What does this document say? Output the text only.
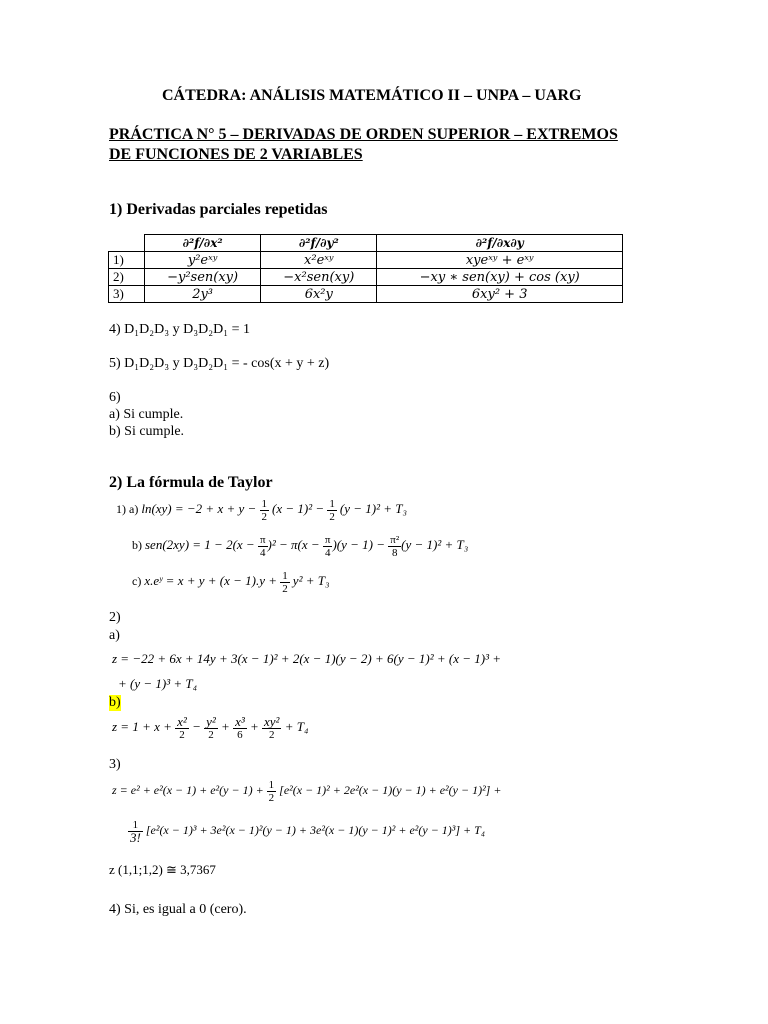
CÁTEDRA: ANÁLISIS MATEMÁTICO II – UNPA – UARG
PRÁCTICA N° 5 – DERIVADAS DE ORDEN SUPERIOR – EXTREMOS
DE FUNCIONES DE 2 VARIABLES
1) Derivadas parciales repetidas
	∂²f/∂x²	∂²f/∂y²	∂²f/∂x∂y
1)	y²eˣʸ	x²eˣʸ	xyeˣʸ + eˣʸ
2)	−y²sen(xy)	−x²sen(xy)	−xy ∗ sen(xy) + cos (xy)
3)	2y³	6x²y	6xy² + 3
4) D₁D₂D₃ y D₃D₂D₁ = 1
5) D₁D₂D₃ y D₃D₂D₁ = - cos(x + y + z)
6)
a) Si cumple.
b) Si cumple.
2) La fórmula de Taylor
1) a) $\ln(xy) = -2 + x + y - \frac{1}{2} (x - 1)^2 - \frac{1}{2} (y - 1)^2 + T_3$
b) $sen(2xy) = 1 - 2(x - \frac{\pi}{4} )^2 - \pi(x - \frac{\pi}{4} )(y - 1) - \frac{\text{π²}}{8} (y - 1)^2 + T_3$
c) x.eʸ = $x + y + (x - 1).y + \frac{1}{2} y^2 + T_3$
2)
a)
z = −22 + 6x + 14y + 3(x − 1)² + 2(x − 1)(y − 2) + 6(y − 1)² + (x − 1)³ +
+ (y − 1)³ + T₄
b)
$z = 1 + x + \frac{\text{x²}}{2} - \frac{\text{y²}}{2} + \frac{\text{x³}}{6} + \frac{\text{xy²}}{2} + T_4$
3)
$z = e^2 + e^2(x - 1) + e^2(y - 1) + \frac{1}{2} [e^2(x - 1)^2 + 2e^2(x - 1)(y - 1) + e^2(y - 1)^2]$ +
$\frac{1}{3!} [e^2(x - 1)^3 + 3e^2(x - 1)^2(y - 1) + 3e^2(x - 1)(y - 1)^2 + e^2(y - 1)^3] + T_4$
z (1,1;1,2) ≅ 3,7367
4) Si, es igual a 0 (cero).
